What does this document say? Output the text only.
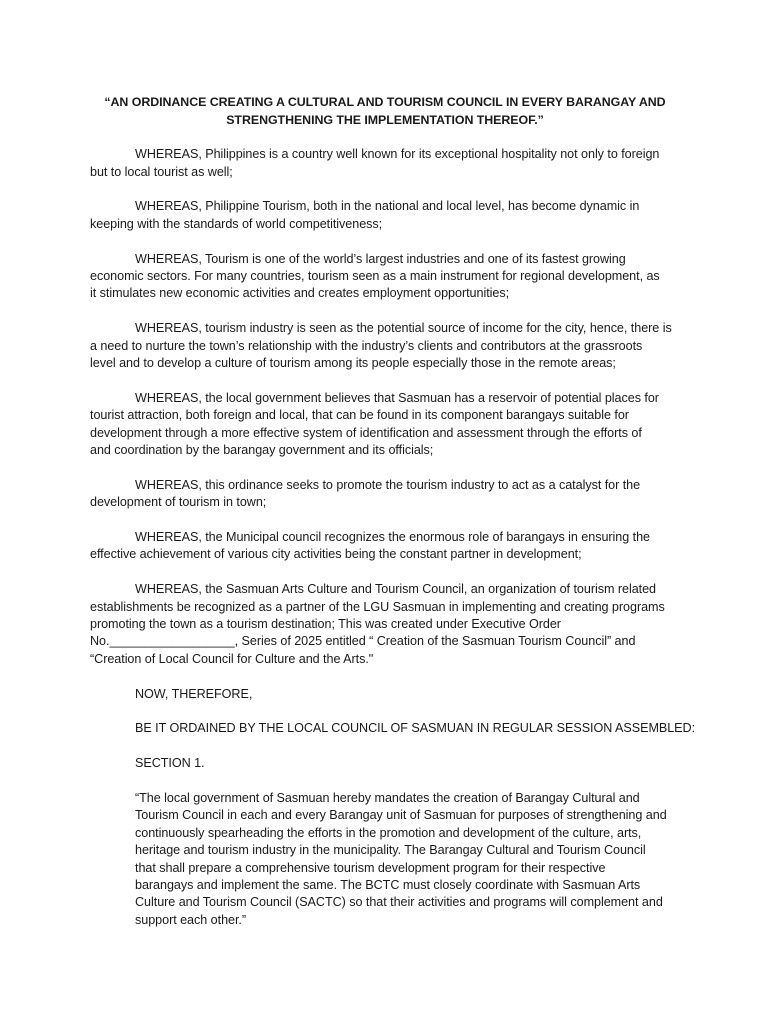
“AN ORDINANCE CREATING A CULTURAL AND TOURISM COUNCIL IN EVERY BARANGAY AND
STRENGTHENING THE IMPLEMENTATION THEREOF.”
WHEREAS, Philippines is a country well known for its exceptional hospitality not only to foreign
but to local tourist as well;
WHEREAS, Philippine Tourism, both in the national and local level, has become dynamic in
keeping with the standards of world competitiveness;
WHEREAS, Tourism is one of the world’s largest industries and one of its fastest growing
economic sectors. For many countries, tourism seen as a main instrument for regional development, as
it stimulates new economic activities and creates employment opportunities;
WHEREAS, tourism industry is seen as the potential source of income for the city, hence, there is
a need to nurture the town’s relationship with the industry’s clients and contributors at the grassroots
level and to develop a culture of tourism among its people especially those in the remote areas;
WHEREAS, the local government believes that Sasmuan has a reservoir of potential places for
tourist attraction, both foreign and local, that can be found in its component barangays suitable for
development through a more effective system of identification and assessment through the efforts of
and coordination by the barangay government and its officials;
WHEREAS, this ordinance seeks to promote the tourism industry to act as a catalyst for the
development of tourism in town;
WHEREAS, the Municipal council recognizes the enormous role of barangays in ensuring the
effective achievement of various city activities being the constant partner in development;
WHEREAS, the Sasmuan Arts Culture and Tourism Council, an organization of tourism related
establishments be recognized as a partner of the LGU Sasmuan in implementing and creating programs
promoting the town as a tourism destination; This was created under Executive Order
No.__________________, Series of 2025 entitled “ Creation of the Sasmuan Tourism Council” and
“Creation of Local Council for Culture and the Arts."
NOW, THEREFORE,
BE IT ORDAINED BY THE LOCAL COUNCIL OF SASMUAN IN REGULAR SESSION ASSEMBLED:
SECTION 1.
“The local government of Sasmuan hereby mandates the creation of Barangay Cultural and
Tourism Council in each and every Barangay unit of Sasmuan for purposes of strengthening and
continuously spearheading the efforts in the promotion and development of the culture, arts,
heritage and tourism industry in the municipality. The Barangay Cultural and Tourism Council
that shall prepare a comprehensive tourism development program for their respective
barangays and implement the same. The BCTC must closely coordinate with Sasmuan Arts
Culture and Tourism Council (SACTC) so that their activities and programs will complement and
support each other.”
